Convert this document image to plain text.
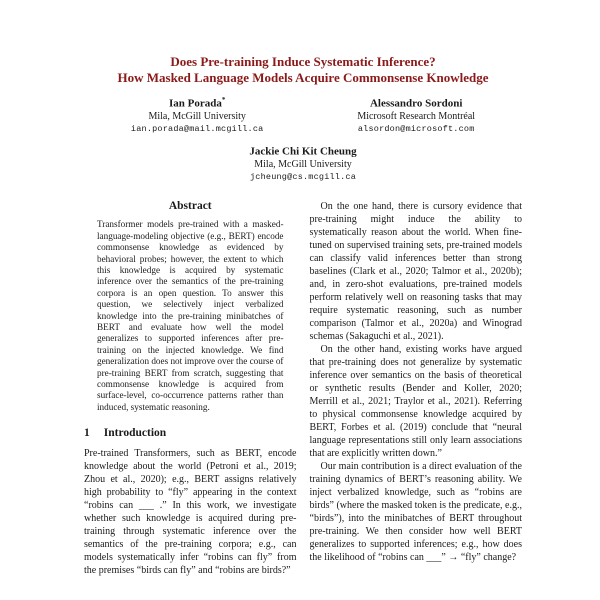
Does Pre-training Induce Systematic Inference?
How Masked Language Models Acquire Commonsense Knowledge
Ian Porada*
Mila, McGill University
ian.porada@mail.mcgill.ca
Alessandro Sordoni
Microsoft Research Montréal
alsordon@microsoft.com
Jackie Chi Kit Cheung
Mila, McGill University
jcheung@cs.mcgill.ca
Abstract

Transformer models pre-trained with a masked-language-modeling objective (e.g., BERT) encode commonsense knowledge as evidenced by behavioral probes; however, the extent to which this knowledge is acquired by systematic inference over the semantics of the pre-training corpora is an open question. To answer this question, we selectively inject verbalized knowledge into the pre-training minibatches of BERT and evaluate how well the model generalizes to supported inferences after pre-training on the injected knowledge. We find generalization does not improve over the course of pre-training BERT from scratch, suggesting that commonsense knowledge is acquired from surface-level, co-occurrence patterns rather than induced, systematic reasoning.

1 Introduction

Pre-trained Transformers, such as BERT, encode knowledge about the world (Petroni et al., 2019; Zhou et al., 2020); e.g., BERT assigns relatively high probability to “fly” appearing in the context “robins can ___ .” In this work, we investigate whether such knowledge is acquired during pre-training through systematic inference over the semantics of the pre-training corpora; e.g., can models systematically infer “robins can fly” from the premises “birds can fly” and “robins are birds?”

On the one hand, there is cursory evidence that pre-training might induce the ability to systematically reason about the world. When fine-tuned on supervised training sets, pre-trained models can classify valid inferences better than strong baselines (Clark et al., 2020; Talmor et al., 2020b); and, in zero-shot evaluations, pre-trained models perform relatively well on reasoning tasks that may require systematic reasoning, such as number comparison (Talmor et al., 2020a) and Winograd schemas (Sakaguchi et al., 2021).

On the other hand, existing works have argued that pre-training does not generalize by systematic inference over semantics on the basis of theoretical or synthetic results (Bender and Koller, 2020; Merrill et al., 2021; Traylor et al., 2021). Referring to physical commonsense knowledge acquired by BERT, Forbes et al. (2019) conclude that “neural language representations still only learn associations that are explicitly written down.”

Our main contribution is a direct evaluation of the training dynamics of BERT’s reasoning ability. We inject verbalized knowledge, such as “robins are birds” (where the masked token is the predicate, e.g., “birds”), into the minibatches of BERT throughout pre-training. We then consider how well BERT generalizes to supported inferences; e.g., how does the likelihood of “robins can ___” → “fly” change?
